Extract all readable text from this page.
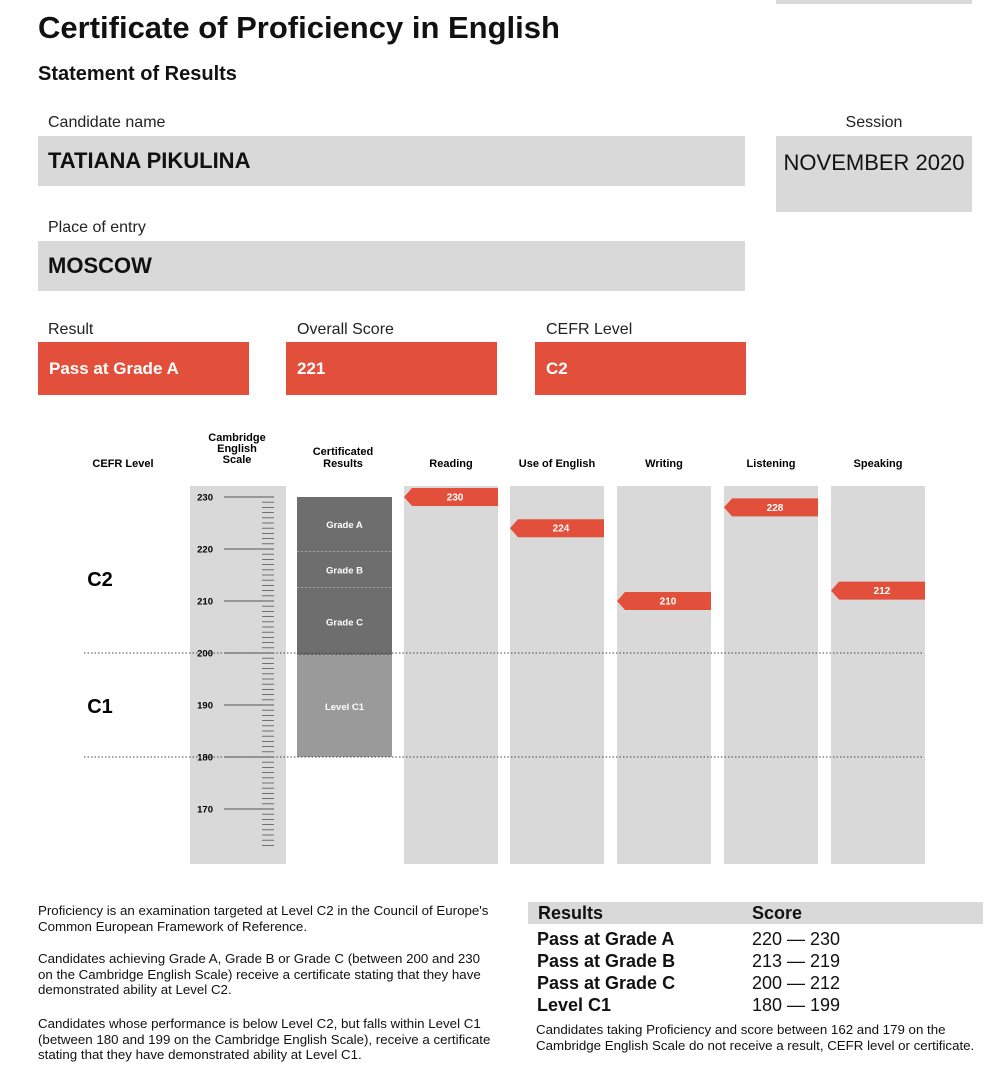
Certificate of Proficiency in English
Statement of Results
Candidate name
TATIANA PIKULINA
Session
NOVEMBER 2020
Place of entry
MOSCOW
Result
Pass at Grade A
Overall Score
221
CEFR Level
C2
CEFR Level
Cambridge
English
Scale
Certificated
Results
230
220
210
200
190
180
170
Grade A
Grade B
Grade C
Level C1
Reading	Use of English	Writing	Listening	Speaking
C2
C1
230
224
210
228
212
Proficiency is an examination targeted at Level C2 in the Council of Europe's Common European Framework of Reference.
Candidates achieving Grade A, Grade B or Grade C (between 200 and 230 on the Cambridge English Scale) receive a certificate stating that they have demonstrated ability at Level C2.
Candidates whose performance is below Level C2, but falls within Level C1 (between 180 and 199 on the Cambridge English Scale), receive a certificate stating that they have demonstrated ability at Level C1.
Results	Score
Pass at Grade A	220 — 230
Pass at Grade B	213 — 219
Pass at Grade C	200 — 212
Level C1	180 — 199
Candidates taking Proficiency and score between 162 and 179 on the Cambridge English Scale do not receive a result, CEFR level or certificate.
